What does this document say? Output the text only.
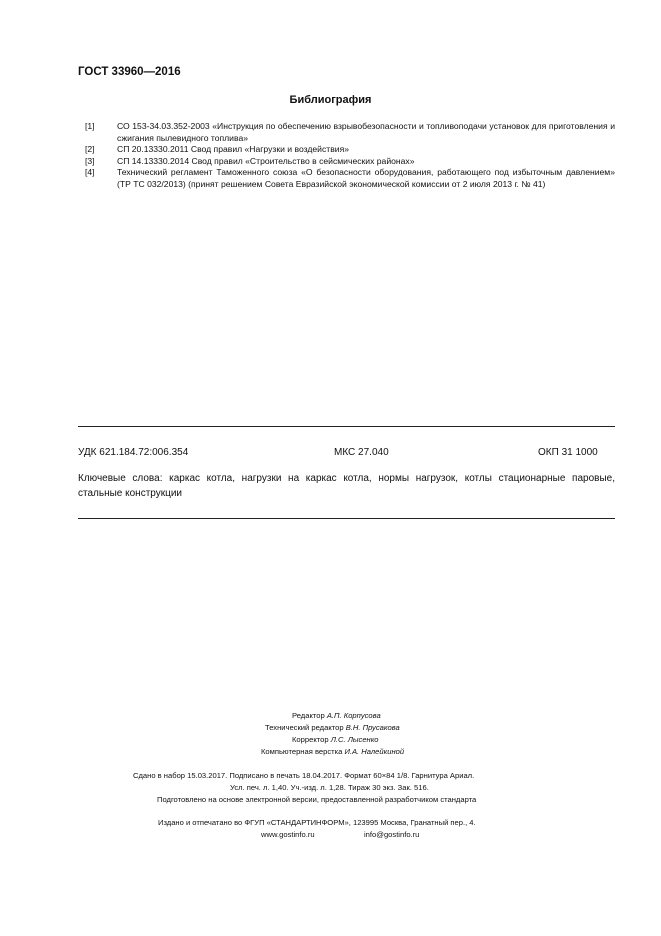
ГОСТ 33960—2016
Библиография
[1]	СО 153-34.03.352-2003 «Инструкция по обеспечению взрывобезопасности и топливоподачи установок для приготовления и сжигания пылевидного топлива»
[2]	СП 20.13330.2011 Свод правил «Нагрузки и воздействия»
[3]	СП 14.13330.2014 Свод правил «Строительство в сейсмических районах»
[4]	Технический регламент Таможенного союза «О безопасности оборудования, работающего под избыточным давлением» (ТР ТС 032/2013) (принят решением Совета Евразийской экономической комиссии от 2 июля 2013 г. № 41)
УДК 621.184.72:006.354	МКС 27.040	ОКП 31 1000
Ключевые слова: каркас котла, нагрузки на каркас котла, нормы нагрузок, котлы стационарные паровые, стальные конструкции
Редактор А.П. Корпусова
Технический редактор В.Н. Прусакова
Корректор Л.С. Лысенко
Компьютерная верстка И.А. Налейкиной
Сдано в набор 15.03.2017. Подписано в печать 18.04.2017. Формат 60×84 1/8. Гарнитура Ариал.
Усл. печ. л. 1,40. Уч.-изд. л. 1,28. Тираж 30 экз. Зак. 516.
Подготовлено на основе электронной версии, предоставленной разработчиком стандарта
Издано и отпечатано во ФГУП «СТАНДАРТИНФОРМ», 123995 Москва, Гранатный пер., 4.
www.gostinfo.ru	info@gostinfo.ru
